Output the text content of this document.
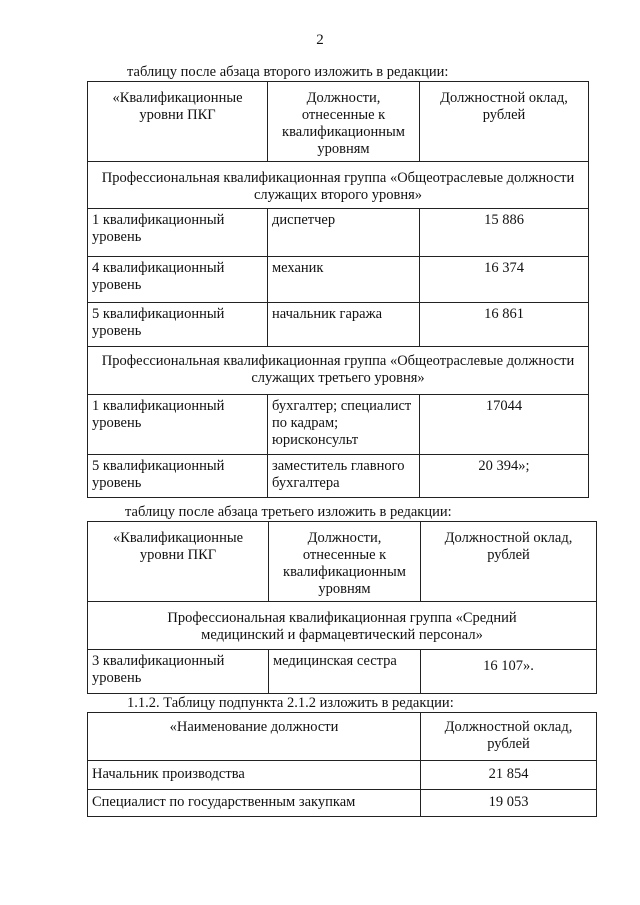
2
таблицу после абзаца второго изложить в редакции:
«Квалификационные уровни ПКГ	Должности, отнесенные к квалификационным уровням	Должностной оклад, рублей
Профессиональная квалификационная группа «Общеотраслевые должности служащих второго уровня»		
1 квалификационный уровень	диспетчер	15 886
4 квалификационный уровень	механик	16 374
5 квалификационный уровень	начальник гаража	16 861
Профессиональная квалификационная группа «Общеотраслевые должности служащих третьего уровня»		
1 квалификационный уровень	бухгалтер; специалист по кадрам; юрисконсульт	17044
5 квалификационный уровень	заместитель главного бухгалтера	20 394»;
таблицу после абзаца третьего изложить в редакции:
«Квалификационные уровни ПКГ	Должности, отнесенные к квалификационным уровням	Должностной оклад, рублей
Профессиональная квалификационная группа «Средний медицинский и фармацевтический персонал»		
3 квалификационный уровень	медицинская сестра	16 107».
1.1.2. Таблицу подпункта 2.1.2 изложить в редакции:
«Наименование должности	Должностной оклад, рублей
Начальник производства	21 854
Специалист по государственным закупкам	19 053
